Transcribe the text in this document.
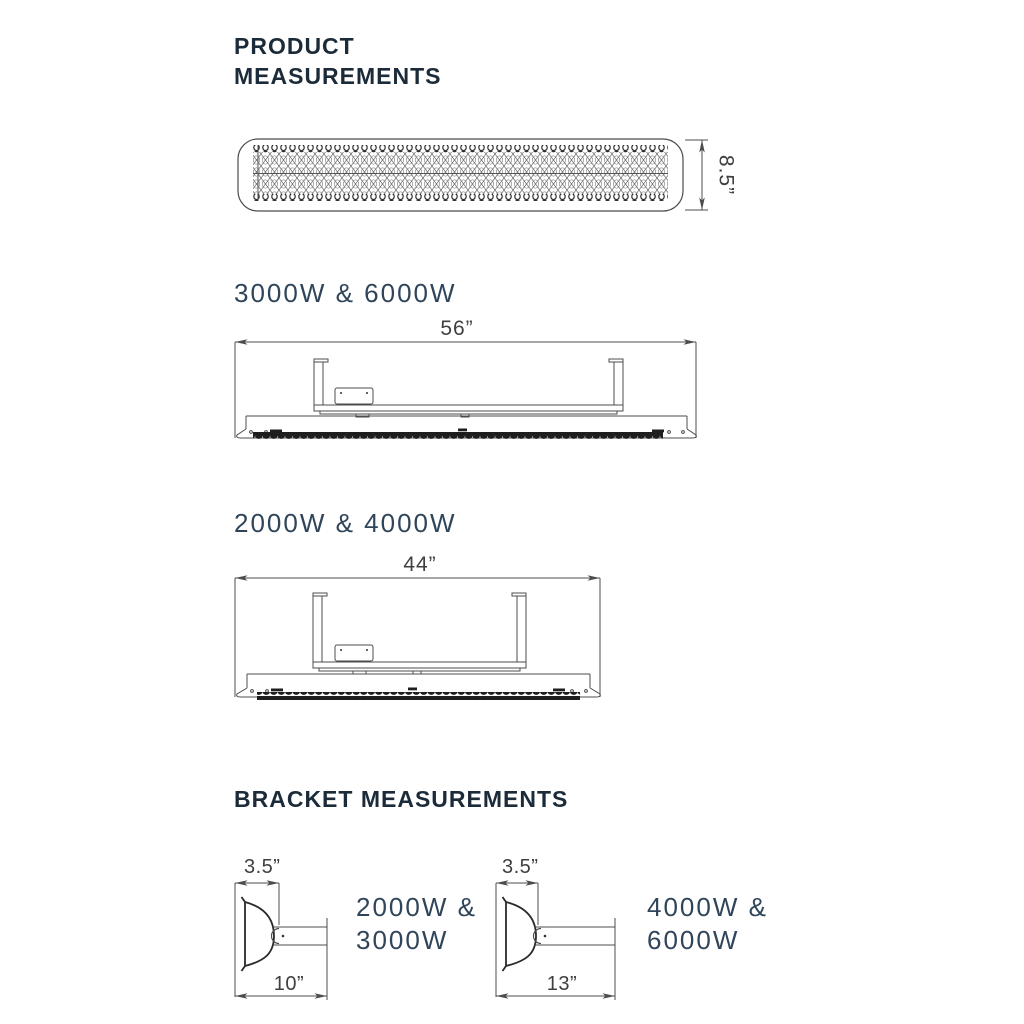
PRODUCT
MEASUREMENTS
8.5”
3000W & 6000W
56”
2000W & 4000W
44”
BRACKET MEASUREMENTS
3.5”
10”
2000W &
3000W
3.5”
13”
4000W &
6000W
